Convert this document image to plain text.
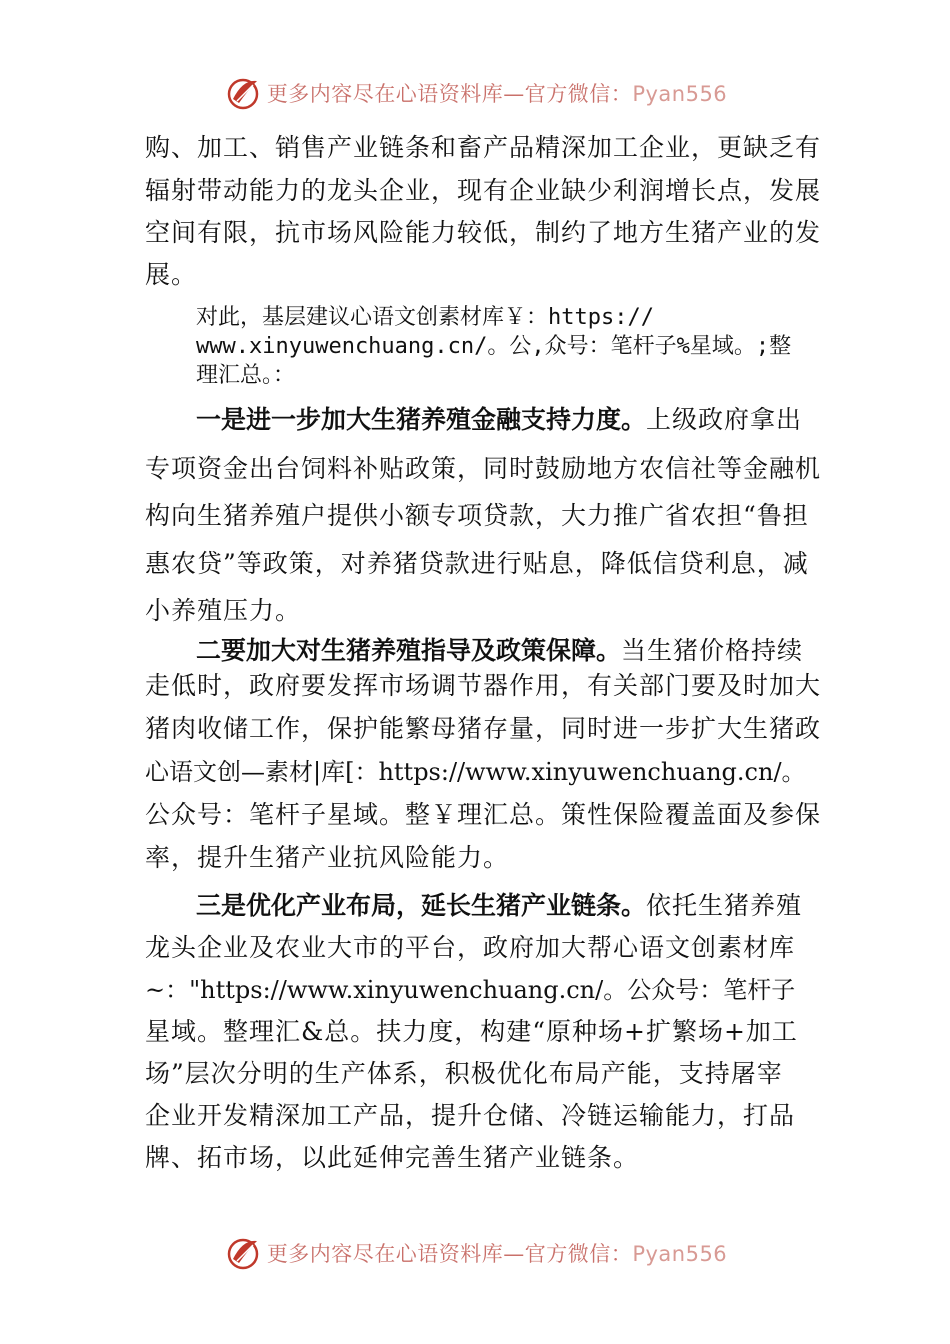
更多内容尽在心语资料库—官方微信：Pyan556

购、加工、销售产业链条和畜产品精深加工企业，更缺乏有

辐射带动能力的龙头企业，现有企业缺少利润增长点，发展

空间有限，抗市场风险能力较低，制约了地方生猪产业的发

展。

对此，基层建议心语文创素材库￥：https://

www.xinyuwenchuang.cn/。公,众号：笔杆子%星域。;整

理汇总。：

一是进一步加大生猪养殖金融支持力度。上级政府拿出

专项资金出台饲料补贴政策，同时鼓励地方农信社等金融机

构向生猪养殖户提供小额专项贷款，大力推广省农担“鲁担

惠农贷”等政策，对养猪贷款进行贴息，降低信贷利息，减

小养殖压力。

二要加大对生猪养殖指导及政策保障。当生猪价格持续

走低时，政府要发挥市场调节器作用，有关部门要及时加大

猪肉收储工作，保护能繁母猪存量，同时进一步扩大生猪政

心语文创—素材|库[：https://www.xinyuwenchuang.cn/。

公众号：笔杆子星域。整￥理汇总。策性保险覆盖面及参保

率，提升生猪产业抗风险能力。

三是优化产业布局，延长生猪产业链条。依托生猪养殖

龙头企业及农业大市的平台，政府加大帮心语文创素材库

~："https://www.xinyuwenchuang.cn/。公众号：笔杆子

星域。整理汇&总。扶力度，构建“原种场+扩繁场+加工

场”层次分明的生产体系，积极优化布局产能，支持屠宰

企业开发精深加工产品，提升仓储、冷链运输能力，打品

牌、拓市场，以此延伸完善生猪产业链条。

更多内容尽在心语资料库—官方微信：Pyan556
